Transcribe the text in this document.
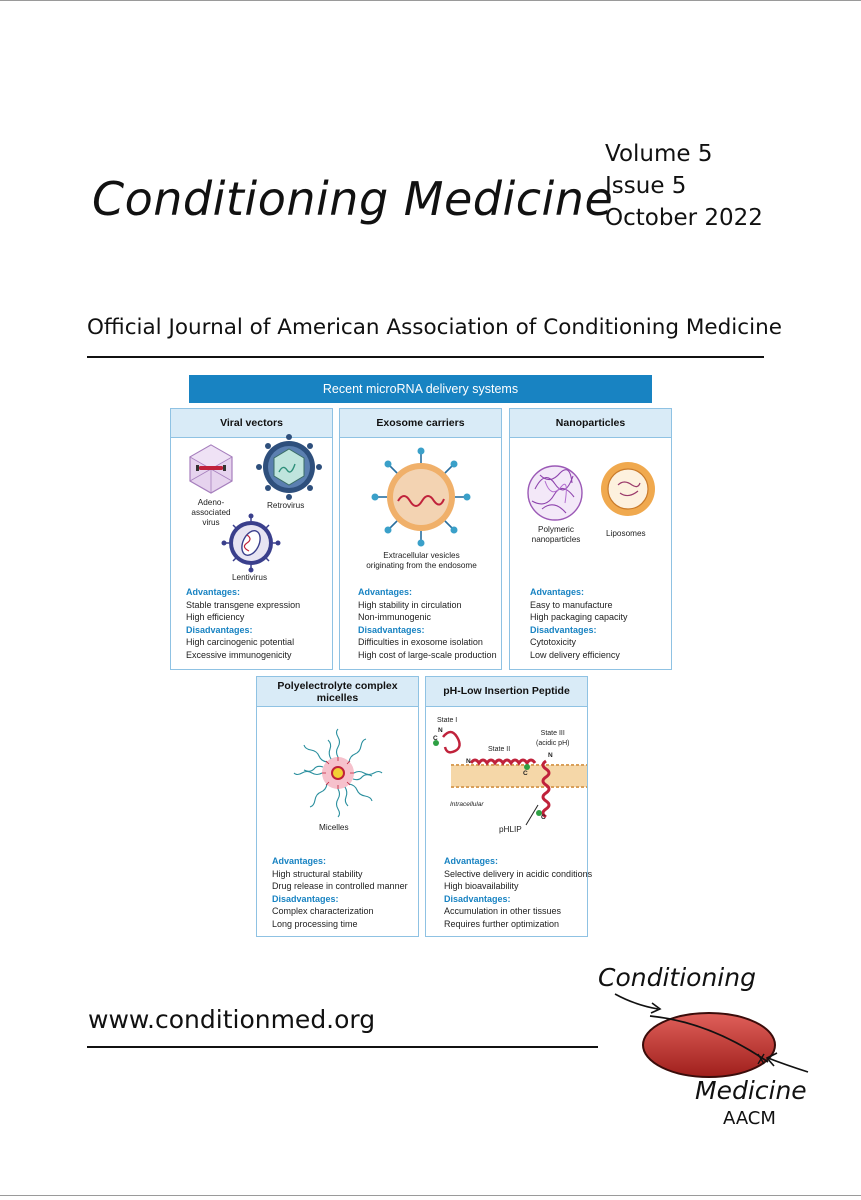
Conditioning Medicine
Volume 5
Issue 5
October 2022
Official Journal of American Association of Conditioning Medicine
Recent microRNA delivery systems
Viral vectors
Adeno-
associated
virus
Retrovirus
Lentivirus
Advantages:
Stable transgene expression
High efficiency
Disadvantages:
High carcinogenic potential
Excessive immunogenicity
Exosome carriers
Extracellular vesicles
originating from the endosome
Advantages:
High stability in circulation
Non-immunogenic
Disadvantages:
Difficulties in exosome isolation
High cost of large-scale production
Nanoparticles
Polymeric
nanoparticles
Liposomes
Advantages:
Easy to manufacture
High packaging capacity
Disadvantages:
Cytotoxicity
Low delivery efficiency
Polyelectrolyte complex
micelles
Micelles
Advantages:
High structural stability
Drug release in controlled manner
Disadvantages:
Complex characterization
Long processing time
pH-Low Insertion Peptide
State I
State II
State III
(acidic pH)
N
C
N
C
N
C
Intracellular
pHLIP
Advantages:
Selective delivery in acidic conditions
High bioavailability
Disadvantages:
Accumulation in other tissues
Requires further optimization
www.conditionmed.org
Conditioning
Medicine
AACM
